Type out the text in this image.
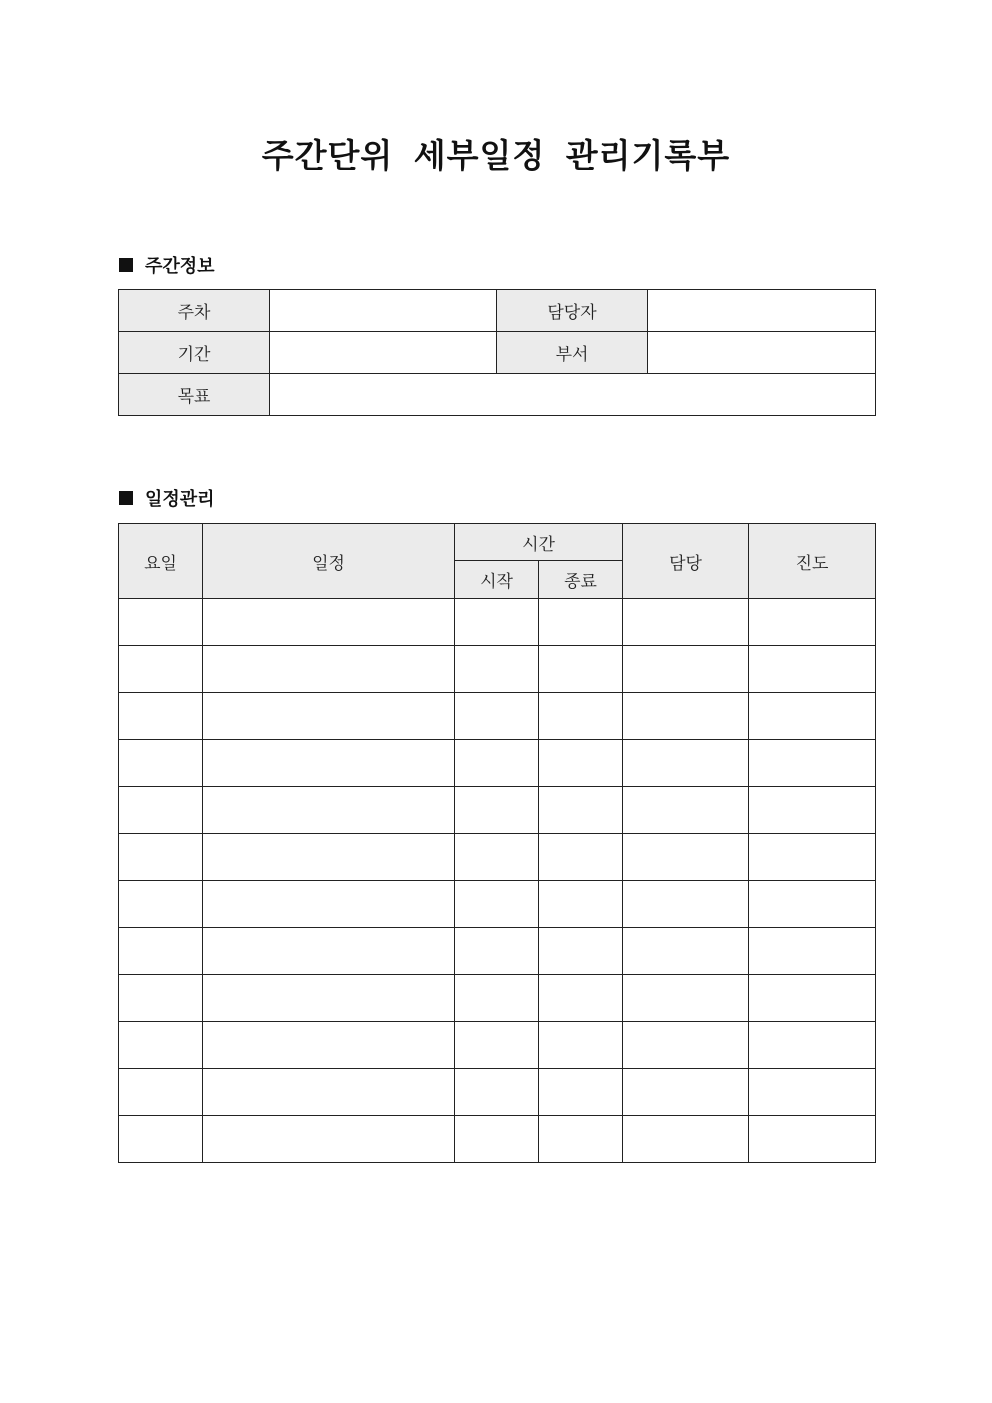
주간단위 세부일정 관리기록부
주간정보
주차		담당자	
기간		부서	
목표			
일정관리
요일	일정	시간		담당	진도
		시작	종료		
